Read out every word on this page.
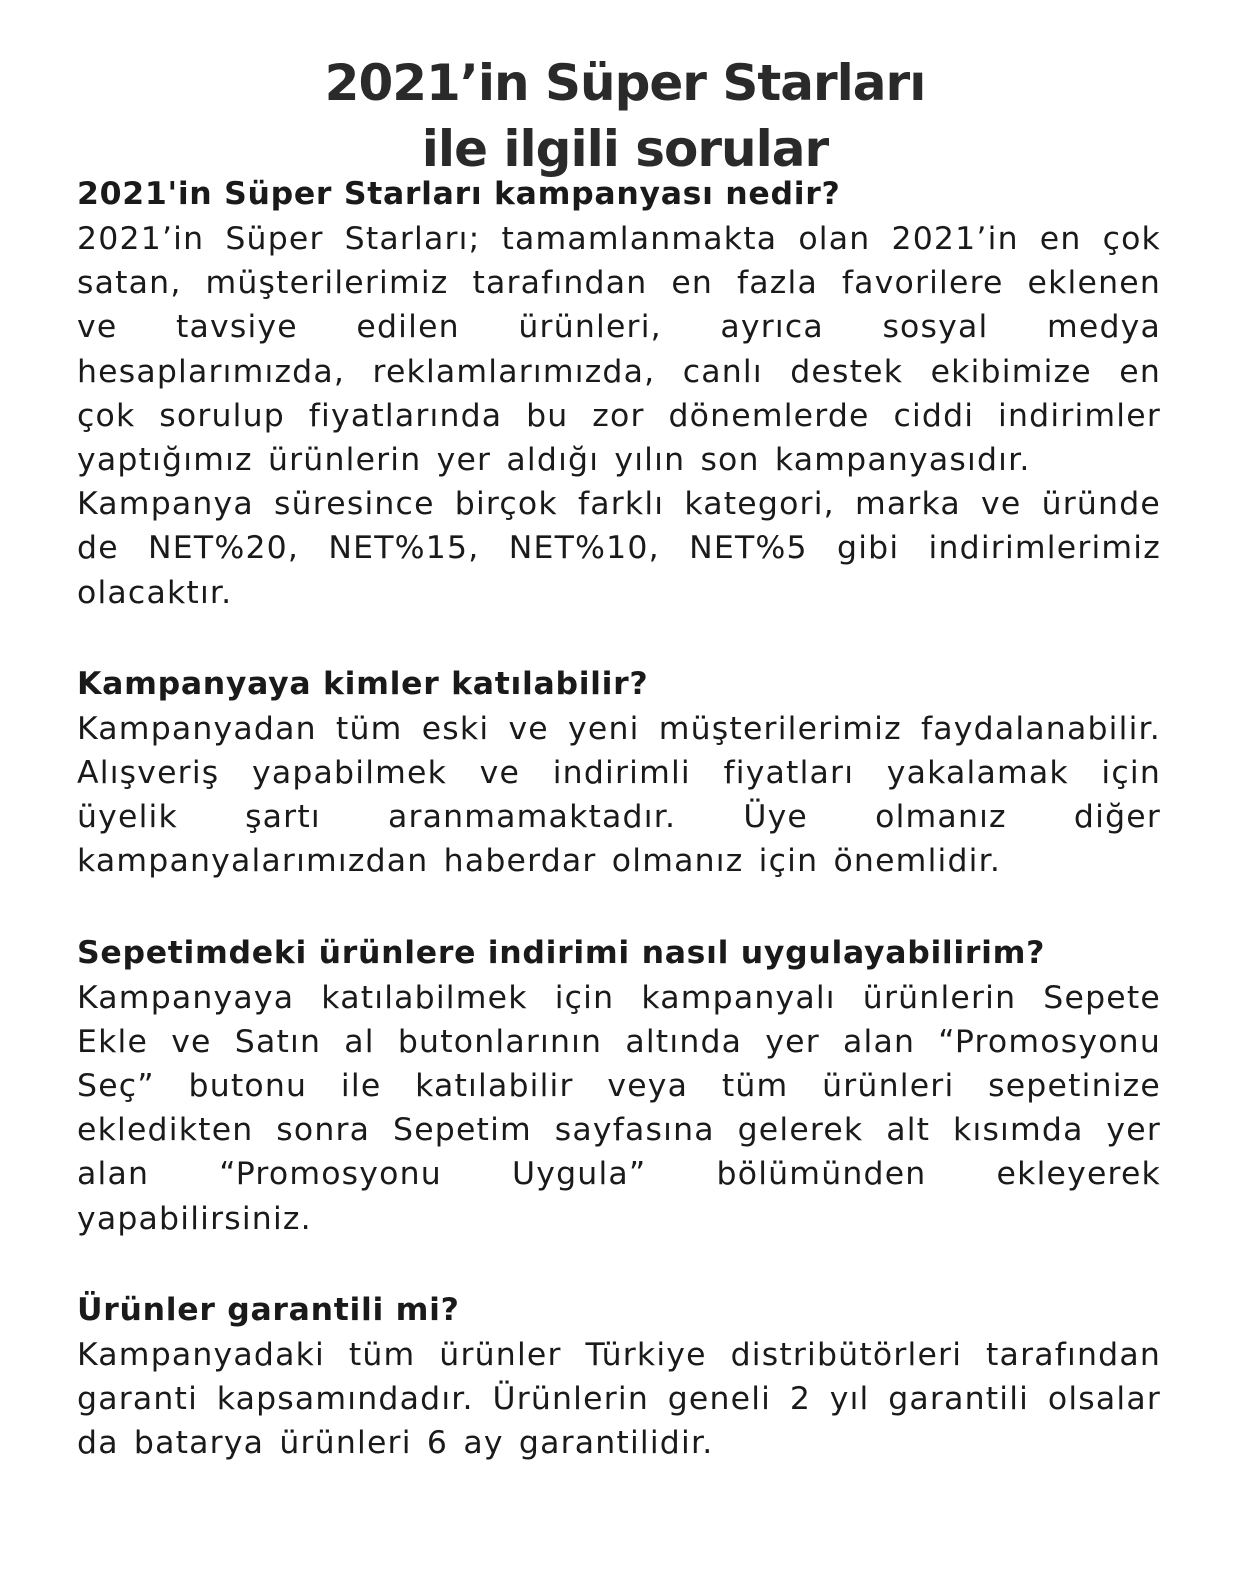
2021’in Süper Starları
ile ilgili sorular

2021'in Süper Starları kampanyası nedir?

2021’in Süper Starları; tamamlanmakta olan 2021’in en çok satan, müşterilerimiz tarafından en fazla favorilere eklenen ve tavsiye edilen ürünleri, ayrıca sosyal medya hesaplarımızda, reklamlarımızda, canlı destek ekibimize en çok sorulup fiyatlarında bu zor dönemlerde ciddi indirimler yaptığımız ürünlerin yer aldığı yılın son kampanyasıdır.

Kampanya süresince birçok farklı kategori, marka ve üründe de NET%20, NET%15, NET%10, NET%5 gibi indirimlerimiz olacaktır.

Kampanyaya kimler katılabilir?

Kampanyadan tüm eski ve yeni müşterilerimiz faydalanabilir. Alışveriş yapabilmek ve indirimli fiyatları yakalamak için üyelik şartı aranmamaktadır. Üye olmanız diğer kampanyalarımızdan haberdar olmanız için önemlidir.

Sepetimdeki ürünlere indirimi nasıl uygulayabilirim?

Kampanyaya katılabilmek için kampanyalı ürünlerin Sepete Ekle ve Satın al butonlarının altında yer alan “Promosyonu Seç” butonu ile katılabilir veya tüm ürünleri sepetinize ekledikten sonra Sepetim sayfasına gelerek alt kısımda yer alan “Promosyonu Uygula” bölümünden ekleyerek yapabilirsiniz.

Ürünler garantili mi?

Kampanyadaki tüm ürünler Türkiye distribütörleri tarafından garanti kapsamındadır. Ürünlerin geneli 2 yıl garantili olsalar da batarya ürünleri 6 ay garantilidir.
